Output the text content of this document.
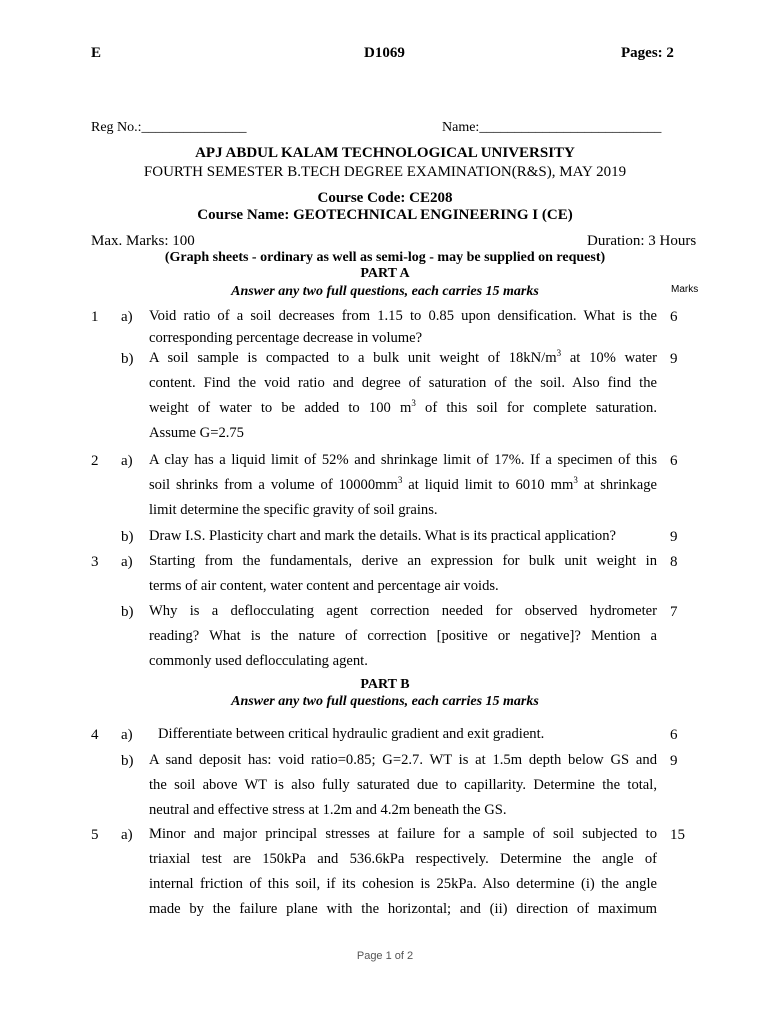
E	D1069	Pages: 2
Reg No.:_______________	Name:__________________________
APJ ABDUL KALAM TECHNOLOGICAL UNIVERSITY
FOURTH SEMESTER B.TECH DEGREE EXAMINATION(R&S), MAY 2019
Course Code: CE208
Course Name: GEOTECHNICAL ENGINEERING I (CE)
Max. Marks: 100	Duration: 3 Hours
(Graph sheets - ordinary as well as semi-log - may be supplied on request)
PART A
Answer any two full questions, each carries 15 marks	Marks
1 a)	6
Void ratio of a soil decreases from 1.15 to 0.85 upon densification. What is the
corresponding percentage decrease in volume?
b)	9
A soil sample is compacted to a bulk unit weight of $18kN/m^3$ at 10% water
content. Find the void ratio and degree of saturation of the soil. Also find the
weight of water to be added to 100 $m^3$ of this soil for complete saturation.
Assume G=2.75
2 a)	6
A clay has a liquid limit of 52% and shrinkage limit of 17%. If a specimen of this
soil shrinks from a volume of $10000mm^3$ at liquid limit to 6010 $mm^3$ at shrinkage
limit determine the specific gravity of soil grains.
b)	9
Draw I.S. Plasticity chart and mark the details. What is its practical application?
3 a)	8
Starting from the fundamentals, derive an expression for bulk unit weight in
terms of air content, water content and percentage air voids.
b)	7
Why is a deflocculating agent correction needed for observed hydrometer
reading? What is the nature of correction [positive or negative]? Mention a
commonly used deflocculating agent.
PART B
Answer any two full questions, each carries 15 marks
4 a)	6
Differentiate between critical hydraulic gradient and exit gradient.
b)	9
A sand deposit has: void ratio=0.85; G=2.7. WT is at 1.5m depth below GS and
the soil above WT is also fully saturated due to capillarity. Determine the total,
neutral and effective stress at 1.2m and 4.2m beneath the GS.
5 a)	15
Minor and major principal stresses at failure for a sample of soil subjected to
triaxial test are 150kPa and 536.6kPa respectively. Determine the angle of
internal friction of this soil, if its cohesion is 25kPa. Also determine (i) the angle
made by the failure plane with the horizontal; and (ii) direction of maximum
Page 1 of 2
